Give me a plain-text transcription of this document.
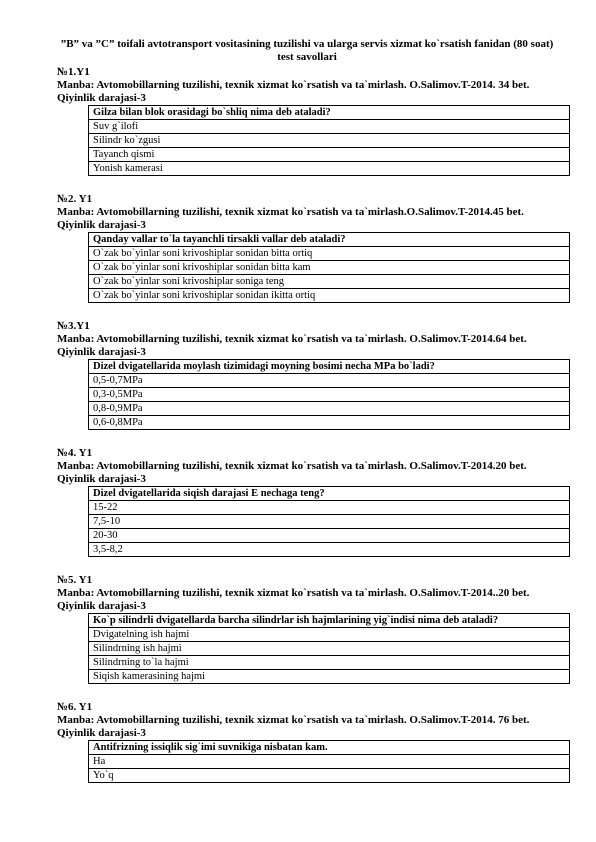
”B” va ”C” toifali avtotransport vositasining tuzilishi va ularga servis xizmat ko`rsatish fanidan (80 soat) test savollari

№1.Y1

Manba: Avtomobillarning tuzilishi, texnik xizmat ko`rsatish va ta`mirlash. O.Salimov.T-2014. 34 bet.

Qiyinlik darajasi-3

Gilza bilan blok orasidagi bo`shliq nima deb ataladi?
Suv g`ilofi
Silindr ko`zgusi
Tayanch qismi
Yonish kamerasi

№2. Y1

Manba: Avtomobillarning tuzilishi, texnik xizmat ko`rsatish va ta`mirlash.O.Salimov.T-2014.45 bet.

Qiyinlik darajasi-3

Qanday vallar to`la tayanchli tirsakli vallar deb ataladi?
O`zak bo`yinlar soni krivoshiplar sonidan bitta ortiq
O`zak bo`yinlar soni krivoshiplar sonidan bitta kam
O`zak bo`yinlar soni krivoshiplar soniga teng
O`zak bo`yinlar soni krivoshiplar sonidan ikitta ortiq

№3.Y1

Manba: Avtomobillarning tuzilishi, texnik xizmat ko`rsatish va ta`mirlash. O.Salimov.T-2014.64 bet.

Qiyinlik darajasi-3

Dizel dvigatellarida moylash tizimidagi moyning bosimi necha MPa bo`ladi?
0,5-0,7MPa
0,3-0,5MPa
0,8-0,9MPa
0,6-0,8MPa

№4. Y1

Manba: Avtomobillarning tuzilishi, texnik xizmat ko`rsatish va ta`mirlash. O.Salimov.T-2014.20 bet.

Qiyinlik darajasi-3

Dizel dvigatellarida siqish darajasi E nechaga teng?
15-22
7,5-10
20-30
3,5-8,2

№5. Y1

Manba: Avtomobillarning tuzilishi, texnik xizmat ko`rsatish va ta`mirlash. O.Salimov.T-2014..20 bet.

Qiyinlik darajasi-3

Ko`p silindrli dvigatellarda barcha silindrlar ish hajmlarining yig`indisi nima deb ataladi?
Dvigatelning ish hajmi
Silindrning ish hajmi
Silindrning to`la hajmi
Siqish kamerasining hajmi

№6. Y1

Manba: Avtomobillarning tuzilishi, texnik xizmat ko`rsatish va ta`mirlash. O.Salimov.T-2014. 76 bet.

Qiyinlik darajasi-3

Antifrizning issiqlik sig`imi suvnikiga nisbatan kam.
Ha
Yo`q
